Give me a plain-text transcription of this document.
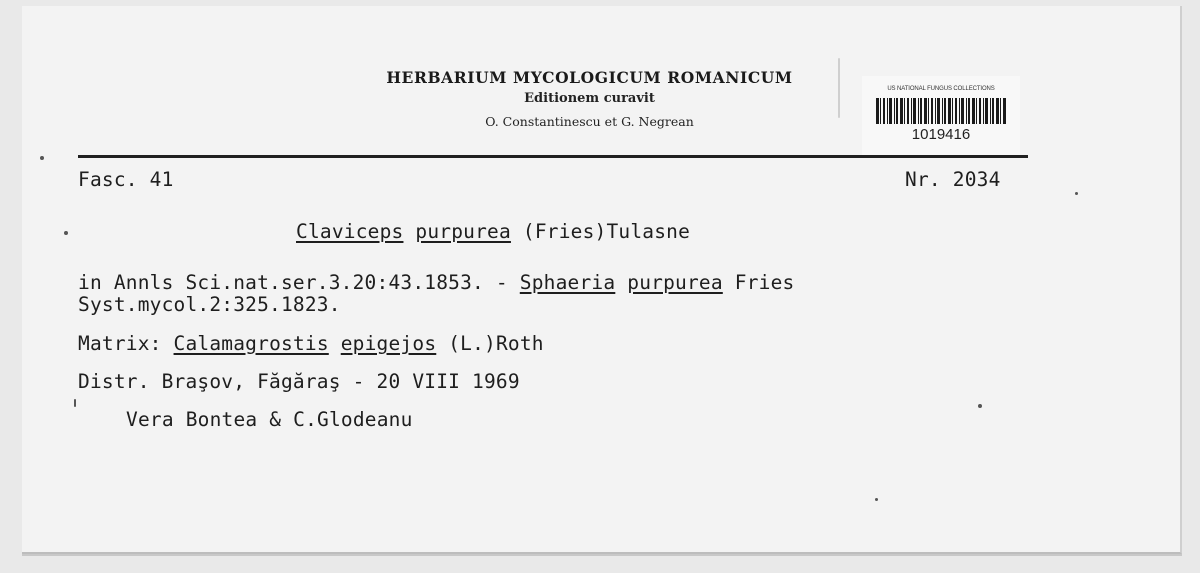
HERBARIUM MYCOLOGICUM ROMANICUM
Editionem curavit
O. Constantinescu et G. Negrean
US NATIONAL FUNGUS COLLECTIONS
1019416
Fasc. 41	Nr. 2034
Claviceps purpurea (Fries)Tulasne
in Annls Sci.nat.ser.3.20:43.1853. - Sphaeria purpurea Fries
Syst.mycol.2:325.1823.
Matrix: Calamagrostis epigejos (L.)Roth
Distr. Braşov, Făgăraş - 20 VIII 1969
Vera Bontea & C.Glodeanu
